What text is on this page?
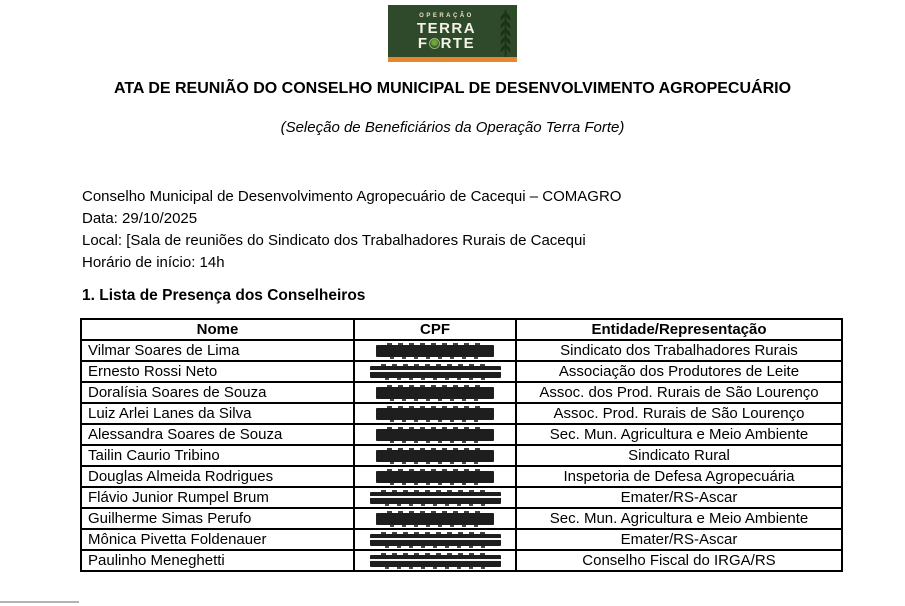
OPERAÇÃO
TERRA
F RTE
ATA DE REUNIÃO DO CONSELHO MUNICIPAL DE DESENVOLVIMENTO AGROPECUÁRIO
(Seleção de Beneficiários da Operação Terra Forte)
Conselho Municipal de Desenvolvimento Agropecuário de Cacequi – COMAGRO
Data: 29/10/2025
Local: [Sala de reuniões do Sindicato dos Trabalhadores Rurais de Cacequi
Horário de início: 14h
1. Lista de Presença dos Conselheiros
Nome	CPF	Entidade/Representação
Vilmar Soares de Lima		Sindicato dos Trabalhadores Rurais
Ernesto Rossi Neto		Associação dos Produtores de Leite
Doralísia Soares de Souza		Assoc. dos Prod. Rurais de São Lourenço
Luiz Arlei Lanes da Silva		Assoc. Prod. Rurais de São Lourenço
Alessandra Soares de Souza		Sec. Mun. Agricultura e Meio Ambiente
Tailin Caurio Tribino		Sindicato Rural
Douglas Almeida Rodrigues		Inspetoria de Defesa Agropecuária
Flávio Junior Rumpel Brum		Emater/RS-Ascar
Guilherme Simas Perufo		Sec. Mun. Agricultura e Meio Ambiente
Mônica Pivetta Foldenauer		Emater/RS-Ascar
Paulinho Meneghetti		Conselho Fiscal do IRGA/RS
